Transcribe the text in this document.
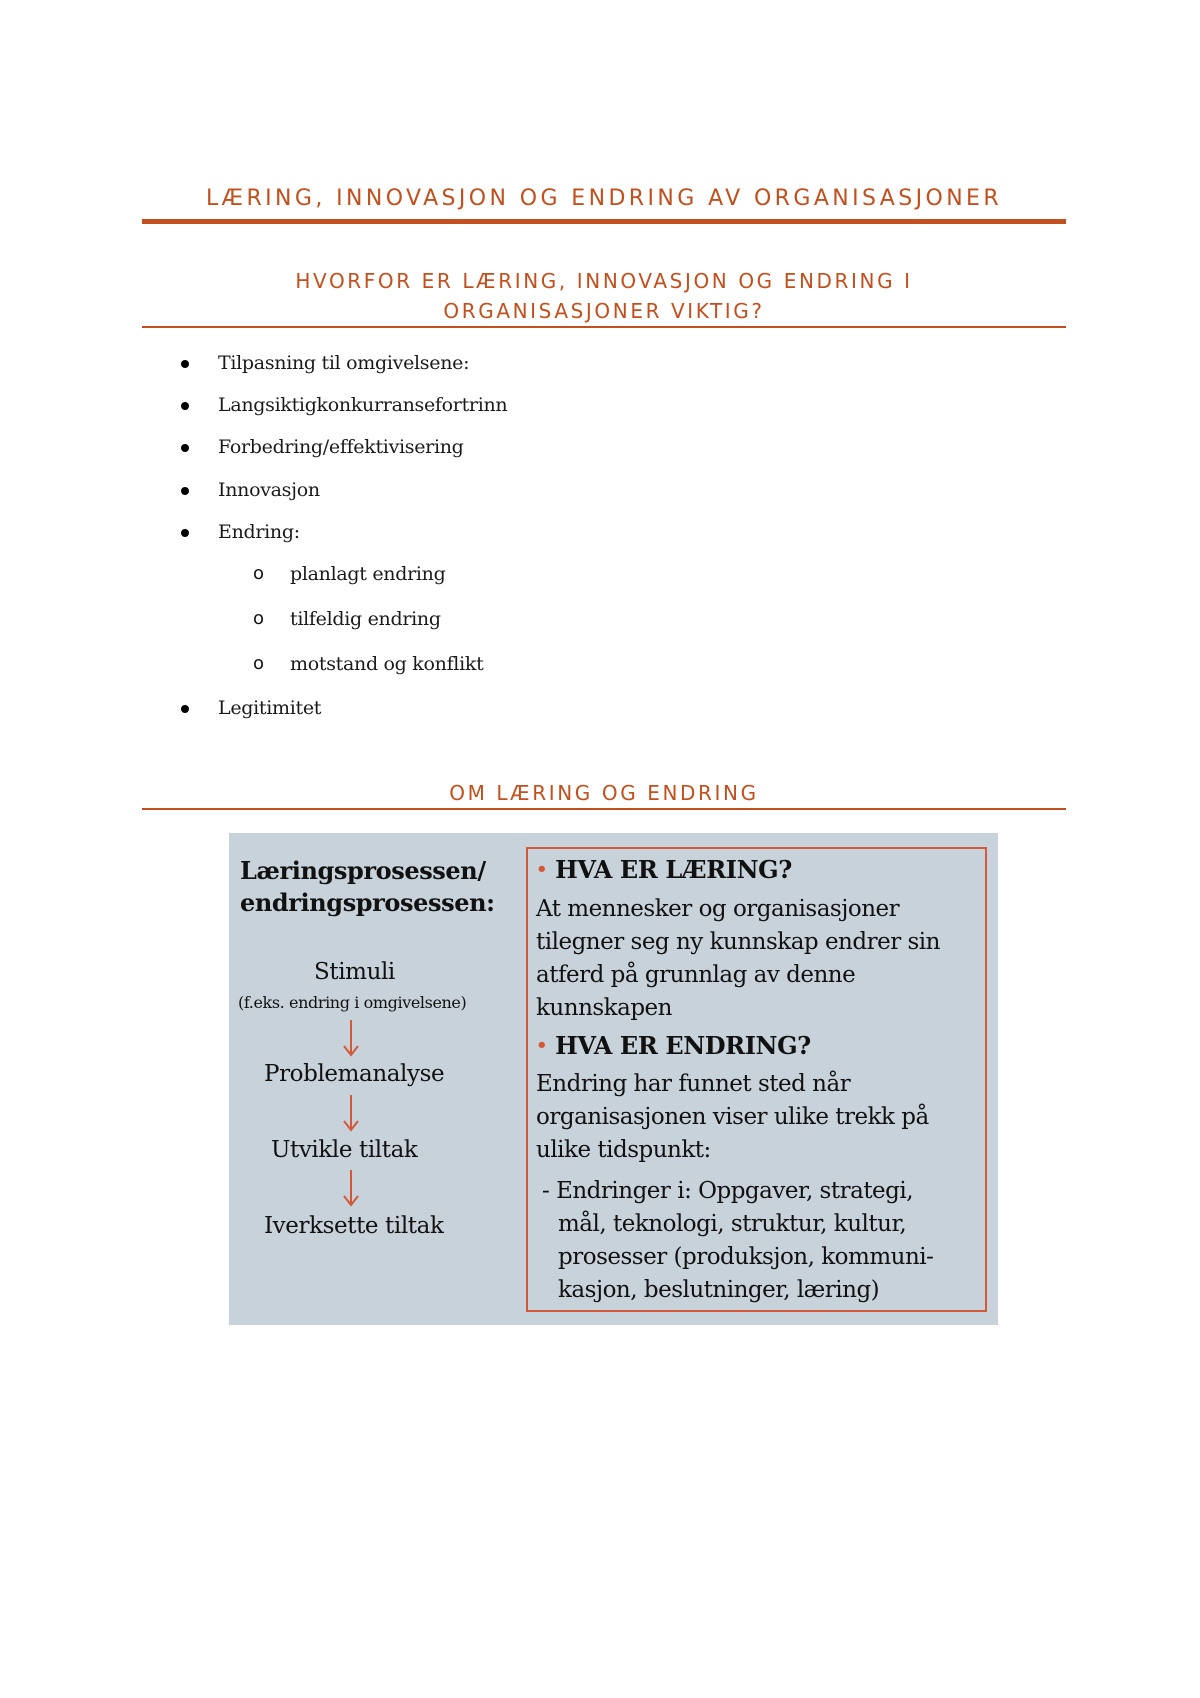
LÆRING, INNOVASJON OG ENDRING AV ORGANISASJONER
HVORFOR ER LÆRING, INNOVASJON OG ENDRING I
ORGANISASJONER VIKTIG?
Tilpasning til omgivelsene:
Langsiktigkonkurransefortrinn
Forbedring/effektivisering
Innovasjon
Endring:
o planlagt endring
o tilfeldig endring
o motstand og konflikt
Legitimitet
OM LÆRING OG ENDRING
Læringsprosessen/
endringsprosessen:
Stimuli
(f.eks. endring i omgivelsene)
Problemanalyse
Utvikle tiltak
Iverksette tiltak
• HVA ER LÆRING?
At mennesker og organisasjoner
tilegner seg ny kunnskap endrer sin
atferd på grunnlag av denne
kunnskapen
• HVA ER ENDRING?
Endring har funnet sted når
organisasjonen viser ulike trekk på
ulike tidspunkt:
- Endringer i: Oppgaver, strategi,
mål, teknologi, struktur, kultur,
prosesser (produksjon, kommuni-
kasjon, beslutninger, læring)
